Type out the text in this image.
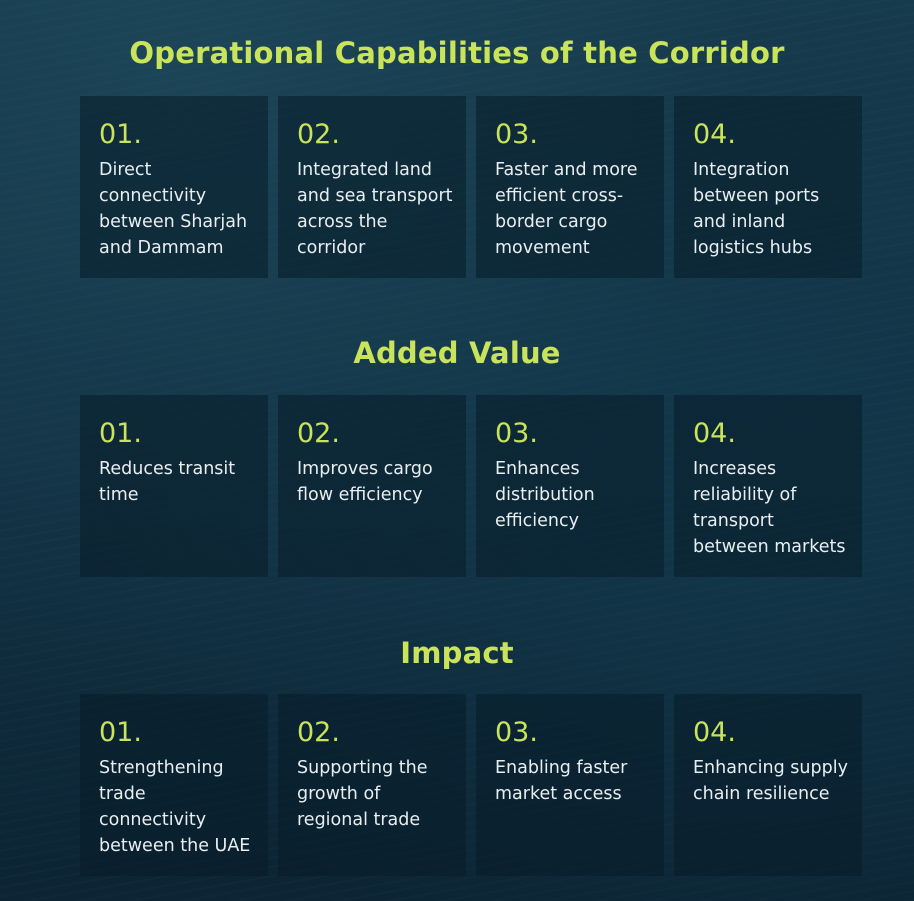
Operational Capabilities of the Corridor
01.
Direct connectivity between Sharjah and Dammam
02.
Integrated land and sea transport across the corridor
03.
Faster and more efficient cross-border cargo movement
04.
Integration between ports and inland logistics hubs
Added Value
01.
Reduces transit time
02.
Improves cargo flow efficiency
03.
Enhances distribution efficiency
04.
Increases reliability of transport between markets
Impact
01.
Strengthening trade connectivity between the UAE
02.
Supporting the growth of regional trade
03.
Enabling faster market access
04.
Enhancing supply chain resilience
